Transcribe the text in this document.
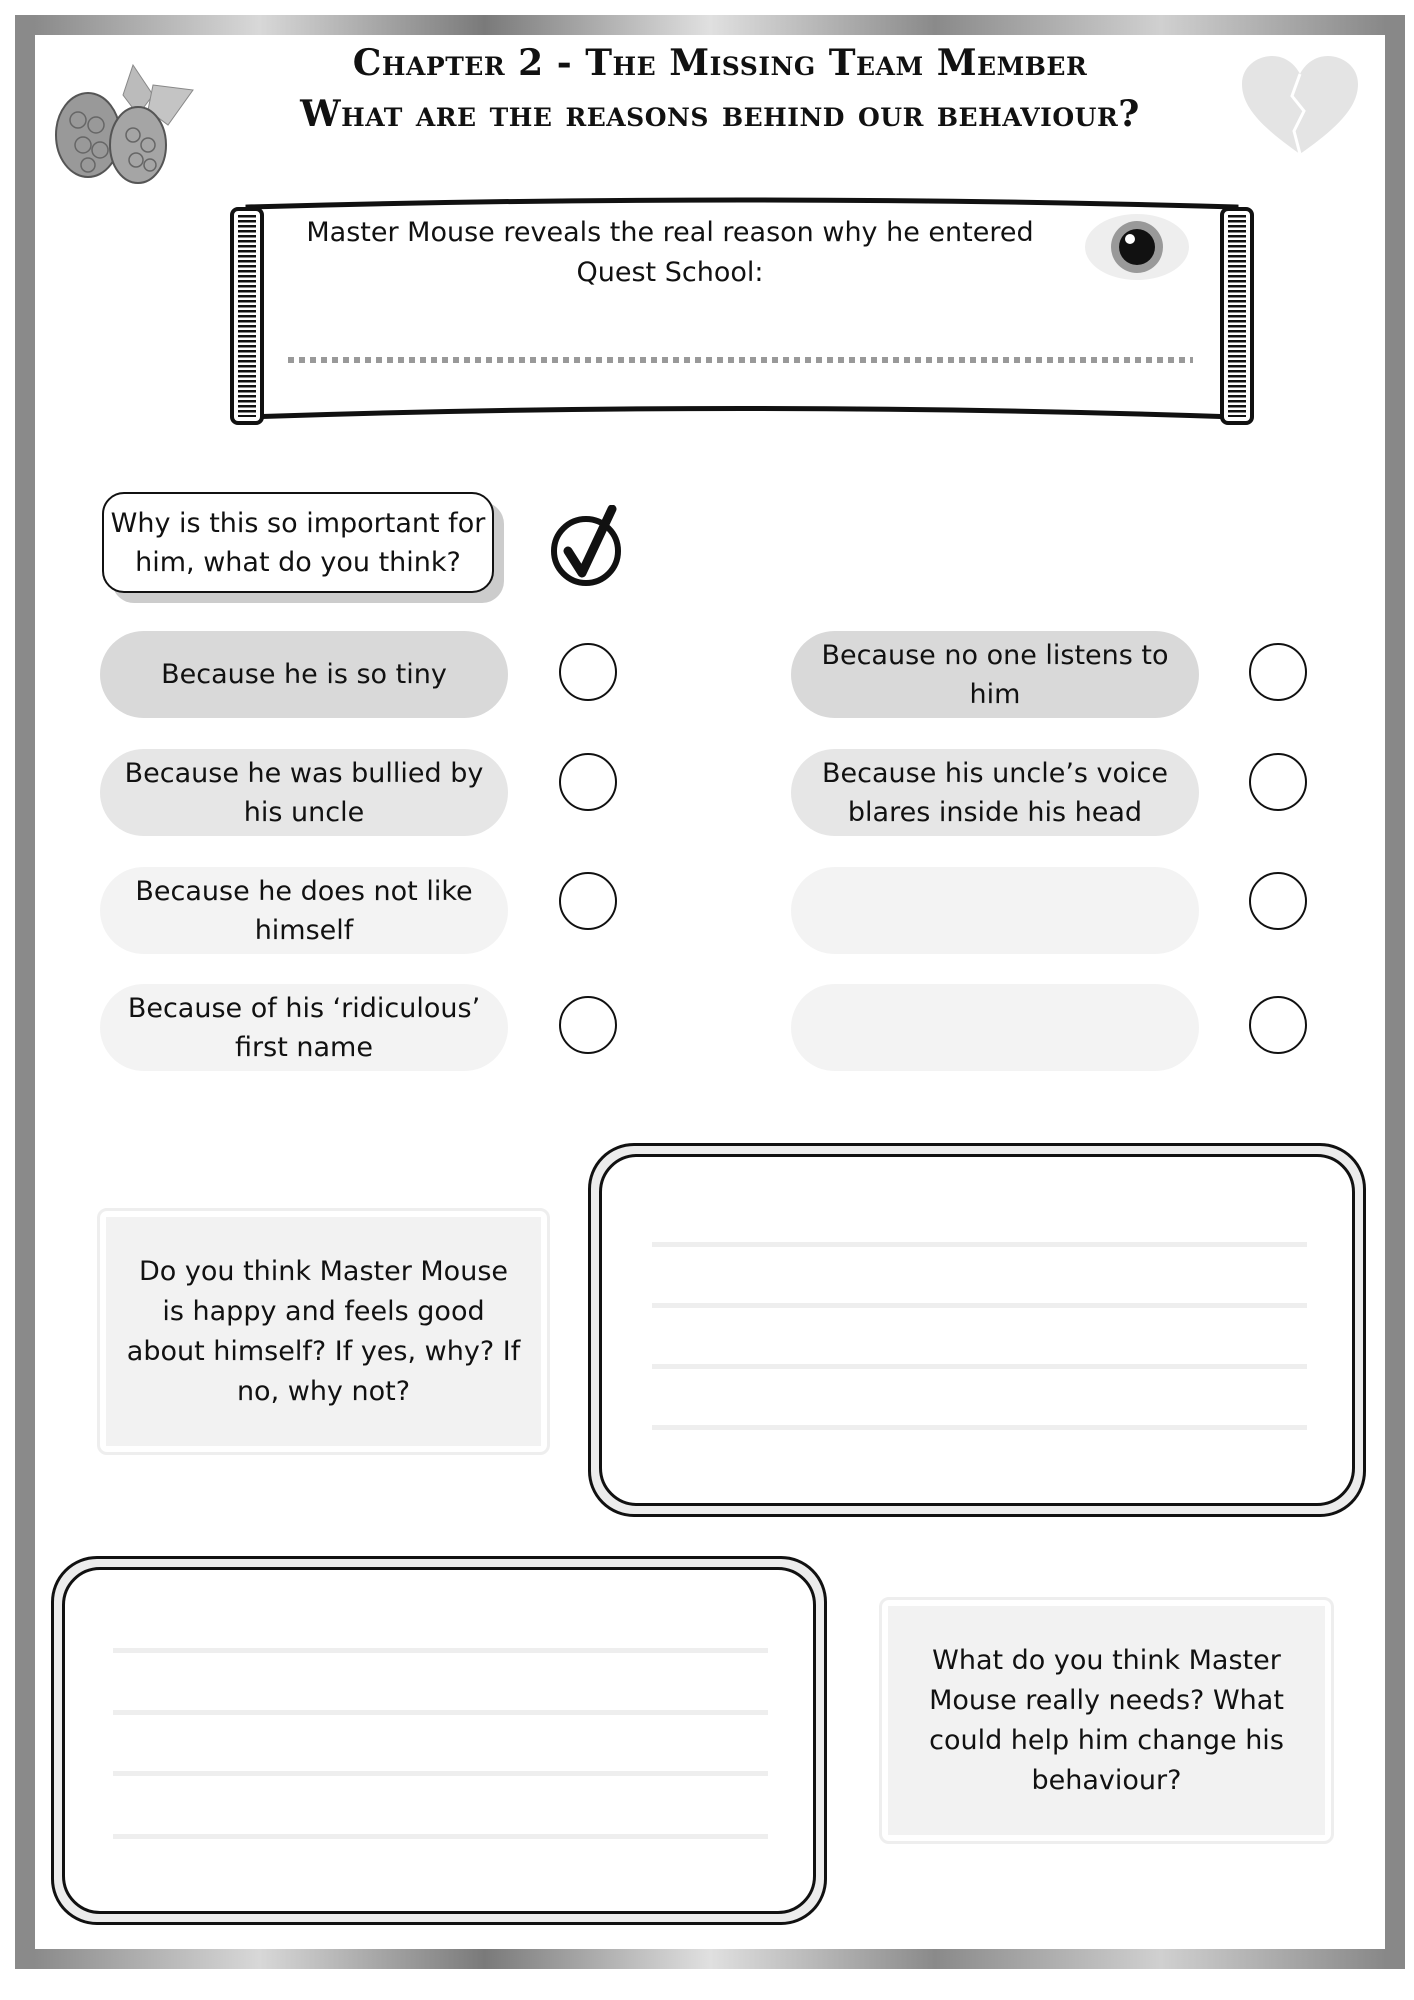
Chapter 2 - The Missing Team Member
What are the reasons behind our behaviour?
Master Mouse reveals the real reason why he entered
Quest School:
Why is this so important for him, what do you think?
Because he is so tiny
Because he was bullied by his uncle
Because he does not like himself
Because of his ‘ridiculous’ first name
Because no one listens to him
Because his uncle’s voice blares inside his head
Do you think Master Mouse is happy and feels good about himself? If yes, why? If no, why not?
What do you think Master Mouse really needs? What could help him change his behaviour?
